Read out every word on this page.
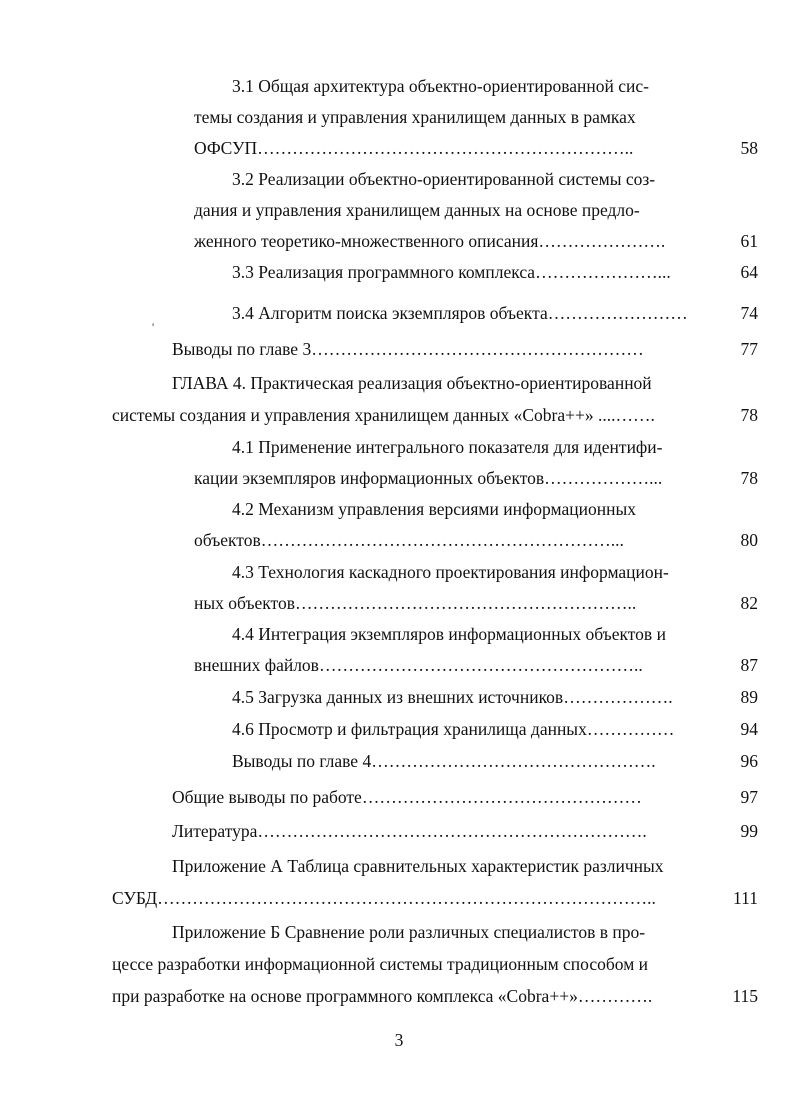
'
3.1 Общая архитектура объектно-ориентированной сис-
темы создания и управления хранилищем данных в рамках
ОФСУП………………………………………………………..	58
3.2 Реализации объектно-ориентированной системы соз-
дания и управления хранилищем данных на основе предло-
женного теоретико-множественного описания………………….	61
3.3 Реализация программного комплекса…………………...	64
3.4 Алгоритм поиска экземпляров объекта……………………	74
Выводы по главе 3…………………………………………………	77
ГЛАВА 4. Практическая реализация объектно-ориентированной
системы создания и управления хранилищем данных «Cobra++» ....…….	78
4.1 Применение интегрального показателя для идентифи-
кации экземпляров информационных объектов………………...	78
4.2 Механизм управления версиями информационных
объектов……………………………………………………...	80
4.3 Технология каскадного проектирования информацион-
ных объектов…………………………………………………..	82
4.4 Интеграция экземпляров информационных объектов и
внешних файлов………………………………………………..	87
4.5 Загрузка данных из внешних источников……………….	89
4.6 Просмотр и фильтрация хранилища данных……………	94
Выводы по главе 4………………………………………….	96
Общие выводы по работе…………………………………………	97
Литература………………………………………………………….	99
Приложение А Таблица сравнительных характеристик различных
СУБД…………………………………………………………………………..	111
Приложение Б Сравнение роли различных специалистов в про-
цессе разработки информационной системы традиционным способом и
при разработке на основе программного комплекса «Cobra++»………….	115
3
